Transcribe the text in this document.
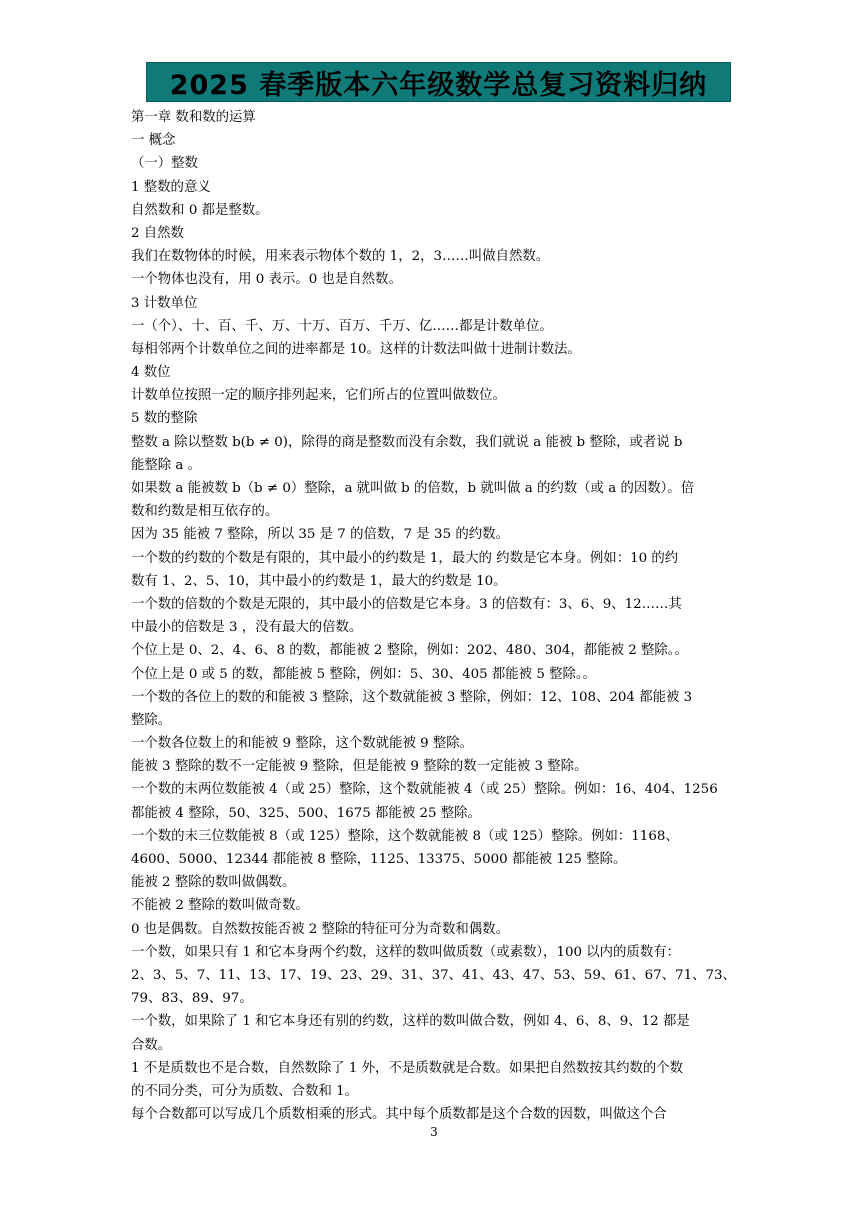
2025 春季版本六年级数学总复习资料归纳
第一章 数和数的运算
一 概念
（一）整数
1 整数的意义
自然数和 0 都是整数。
2 自然数
我们在数物体的时候，用来表示物体个数的 1，2，3……叫做自然数。
一个物体也没有，用 0 表示。0 也是自然数。
3 计数单位
一（个）、十、百、千、万、十万、百万、千万、亿……都是计数单位。
每相邻两个计数单位之间的进率都是 10。这样的计数法叫做十进制计数法。
4 数位
计数单位按照一定的顺序排列起来，它们所占的位置叫做数位。
5 数的整除
整数 a 除以整数 b(b ≠ 0)，除得的商是整数而没有余数，我们就说 a 能被 b 整除，或者说 b
能整除 a 。
如果数 a 能被数 b（b ≠ 0）整除，a 就叫做 b 的倍数，b 就叫做 a 的约数（或 a 的因数）。倍
数和约数是相互依存的。
因为 35 能被 7 整除，所以 35 是 7 的倍数，7 是 35 的约数。
一个数的约数的个数是有限的，其中最小的约数是 1，最大的 约数是它本身。例如：10 的约
数有 1、2、5、10，其中最小的约数是 1，最大的约数是 10。
一个数的倍数的个数是无限的，其中最小的倍数是它本身。3 的倍数有：3、6、9、12……其
中最小的倍数是 3 ，没有最大的倍数。
个位上是 0、2、4、6、8 的数，都能被 2 整除，例如：202、480、304，都能被 2 整除。。
个位上是 0 或 5 的数，都能被 5 整除，例如：5、30、405 都能被 5 整除。。
一个数的各位上的数的和能被 3 整除，这个数就能被 3 整除，例如：12、108、204 都能被 3
整除。
一个数各位数上的和能被 9 整除，这个数就能被 9 整除。
能被 3 整除的数不一定能被 9 整除，但是能被 9 整除的数一定能被 3 整除。
一个数的末两位数能被 4（或 25）整除，这个数就能被 4（或 25）整除。例如：16、404、1256
都能被 4 整除，50、325、500、1675 都能被 25 整除。
一个数的末三位数能被 8（或 125）整除，这个数就能被 8（或 125）整除。例如：1168、
4600、5000、12344 都能被 8 整除，1125、13375、5000 都能被 125 整除。
能被 2 整除的数叫做偶数。
不能被 2 整除的数叫做奇数。
0 也是偶数。自然数按能否被 2 整除的特征可分为奇数和偶数。
一个数，如果只有 1 和它本身两个约数，这样的数叫做质数（或素数），100 以内的质数有：
2、3、5、7、11、13、17、19、23、29、31、37、41、43、47、53、59、61、67、71、73、
79、83、89、97。
一个数，如果除了 1 和它本身还有别的约数，这样的数叫做合数，例如 4、6、8、9、12 都是
合数。
1 不是质数也不是合数，自然数除了 1 外，不是质数就是合数。如果把自然数按其约数的个数
的不同分类，可分为质数、合数和 1。
每个合数都可以写成几个质数相乘的形式。其中每个质数都是这个合数的因数，叫做这个合
3
